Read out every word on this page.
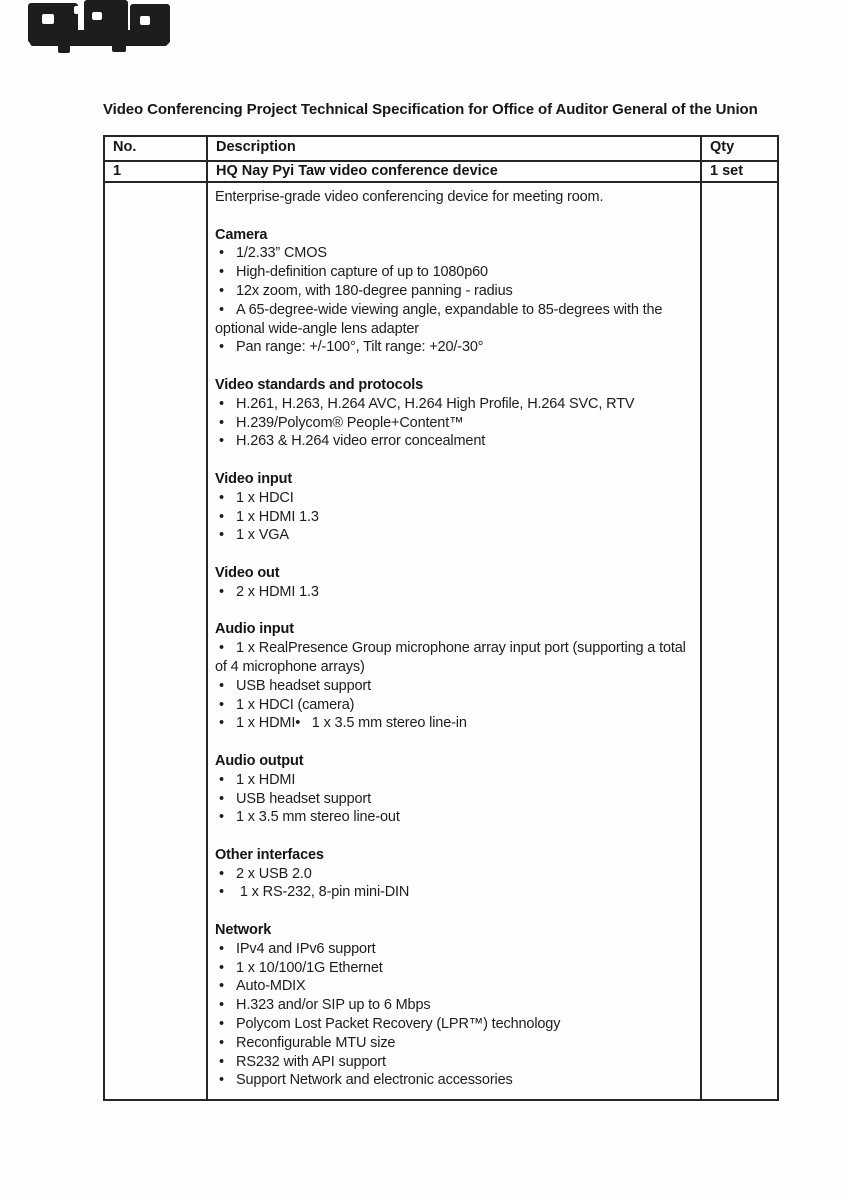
Video Conferencing Project Technical Specification for Office of Auditor General of the Union
No.	Description	Qty
1	HQ Nay Pyi Taw video conference device	1 set

Enterprise-grade video conferencing device for meeting room.

Camera
• 1/2.33” CMOS
• High-definition capture of up to 1080p60
• 12x zoom, with 180-degree panning - radius
• A 65-degree-wide viewing angle, expandable to 85-degrees with the optional wide-angle lens adapter
• Pan range: +/-100°, Tilt range: +20/-30°
Video standards and protocols
• H.261, H.263, H.264 AVC, H.264 High Profile, H.264 SVC, RTV
• H.239/Polycom® People+Content™
• H.263 & H.264 video error concealment
Video input
• 1 x HDCI
• 1 x HDMI 1.3
• 1 x VGA
Video out
• 2 x HDMI 1.3
Audio input
• 1 x RealPresence Group microphone array input port (supporting a total of 4 microphone arrays)
• USB headset support
• 1 x HDCI (camera)
• 1 x HDMI•   1 x 3.5 mm stereo line-in
Audio output
• 1 x HDMI
• USB headset support
• 1 x 3.5 mm stereo line-out
Other interfaces
• 2 x USB 2.0
• 1 x RS-232, 8-pin mini-DIN
Network
• IPv4 and IPv6 support
• 1 x 10/100/1G Ethernet
• Auto-MDIX
• H.323 and/or SIP up to 6 Mbps
• Polycom Lost Packet Recovery (LPR™) technology
• Reconfigurable MTU size
• RS232 with API support
• Support Network and electronic accessories
